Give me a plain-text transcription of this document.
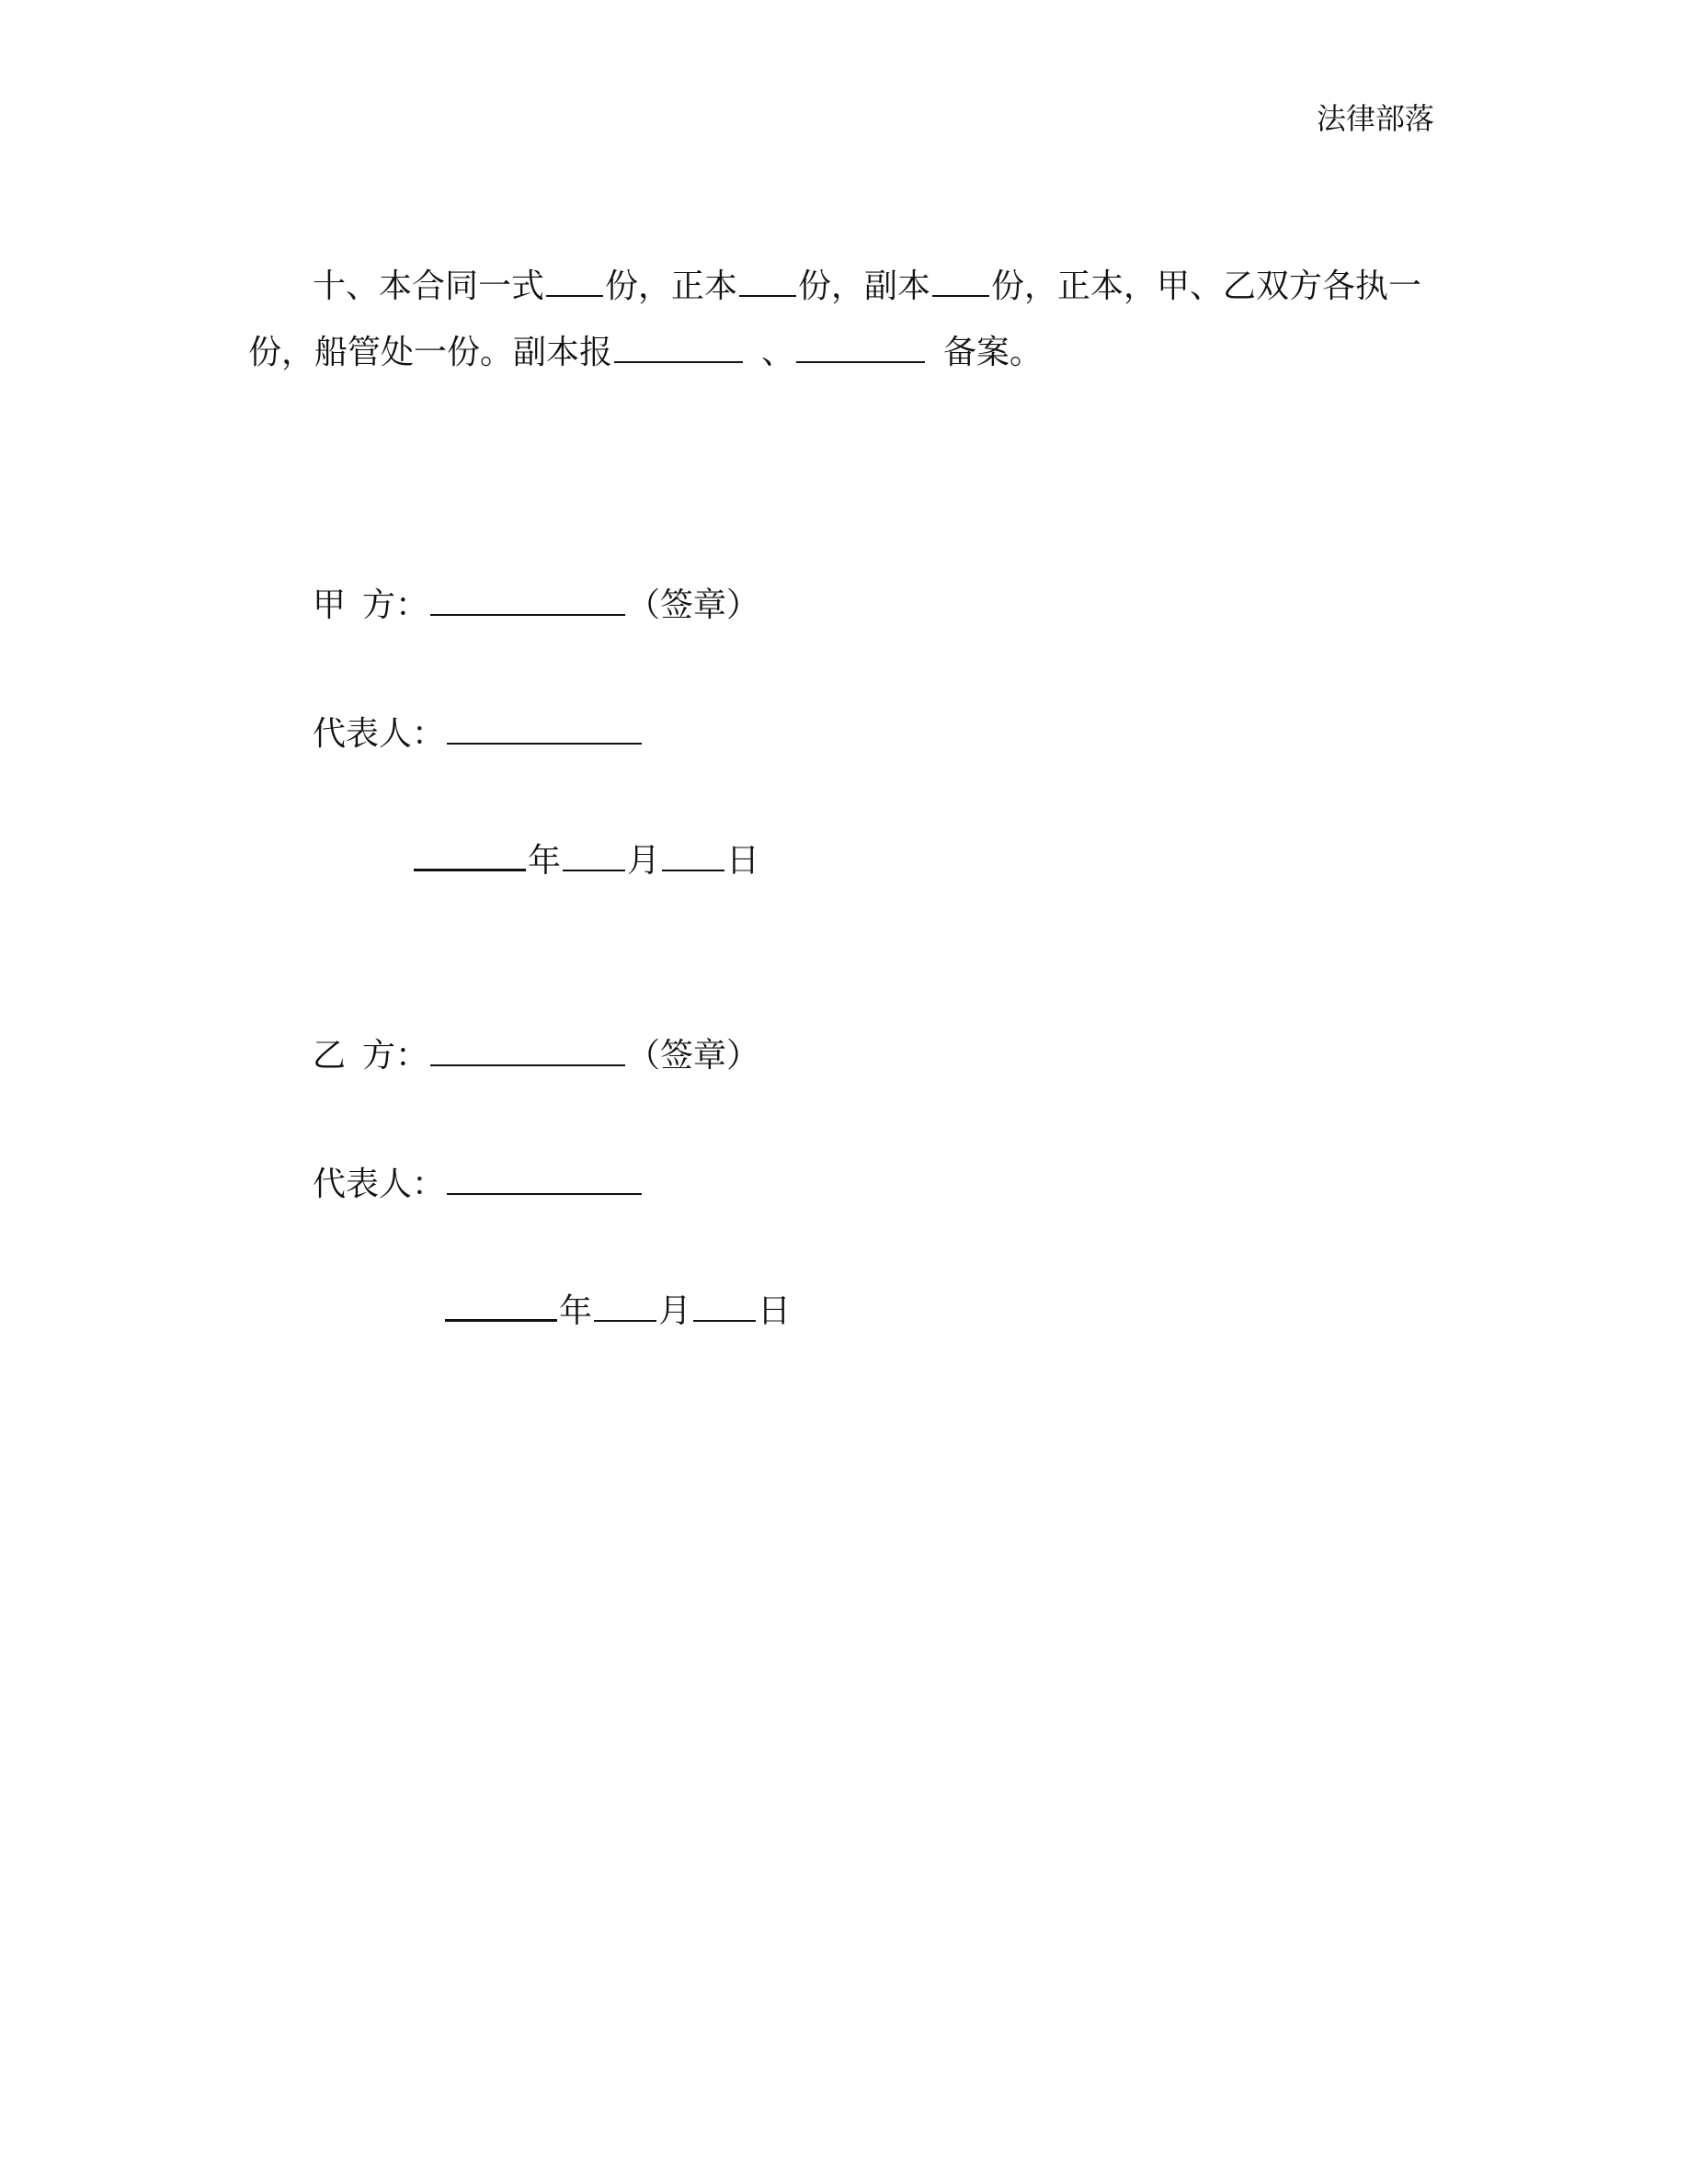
法律部落
十、本合同一式 份，正本 份，副本 份，正本，甲、乙双方各执一
份，船管处一份。副本报	、	备案。
甲 方：	（签章）
代表人：
年 月 日
乙 方：	（签章）
代表人：
年 月 日
